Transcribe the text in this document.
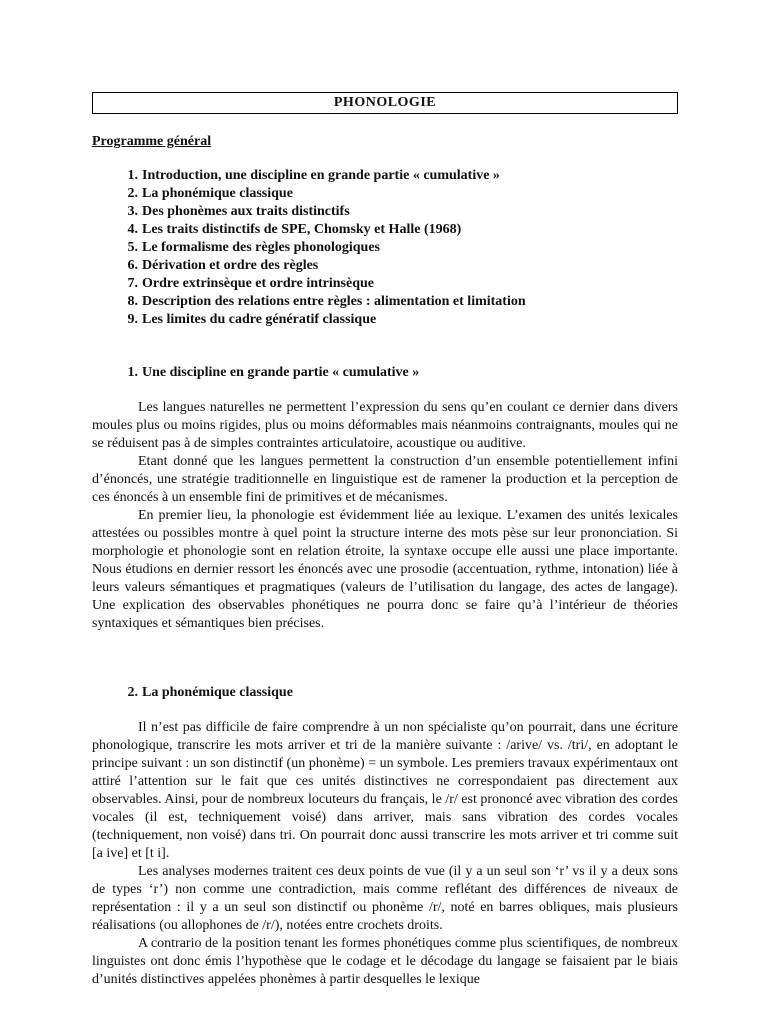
PHONOLOGIE
Programme général
1. Introduction, une discipline en grande partie « cumulative »
2. La phonémique classique
3. Des phonèmes aux traits distinctifs
4. Les traits distinctifs de SPE, Chomsky et Halle (1968)
5. Le formalisme des règles phonologiques
6. Dérivation et ordre des règles
7. Ordre extrinsèque et ordre intrinsèque
8. Description des relations entre règles : alimentation et limitation
9. Les limites du cadre génératif classique
1. Une discipline en grande partie « cumulative »

Les langues naturelles ne permettent l’expression du sens qu’en coulant ce dernier dans divers moules plus ou moins rigides, plus ou moins déformables mais néanmoins contraignants, moules qui ne se réduisent pas à de simples contraintes articulatoire, acoustique ou auditive.

Etant donné que les langues permettent la construction d’un ensemble potentiellement infini d’énoncés, une stratégie traditionnelle en linguistique est de ramener la production et la perception de ces énoncés à un ensemble fini de primitives et de mécanismes.

En premier lieu, la phonologie est évidemment liée au lexique. L’examen des unités lexicales attestées ou possibles montre à quel point la structure interne des mots pèse sur leur prononciation. Si morphologie et phonologie sont en relation étroite, la syntaxe occupe elle aussi une place importante. Nous étudions en dernier ressort les énoncés avec une prosodie (accentuation, rythme, intonation) liée à leurs valeurs sémantiques et pragmatiques (valeurs de l’utilisation du langage, des actes de langage). Une explication des observables phonétiques ne pourra donc se faire qu’à l’intérieur de théories syntaxiques et sémantiques bien précises.

2. La phonémique classique

Il n’est pas difficile de faire comprendre à un non spécialiste qu’on pourrait, dans une écriture phonologique, transcrire les mots arriver et tri de la manière suivante : /arive/ vs. /tri/, en adoptant le principe suivant : un son distinctif (un phonème) = un symbole. Les premiers travaux expérimentaux ont attiré l’attention sur le fait que ces unités distinctives ne correspondaient pas directement aux observables. Ainsi, pour de nombreux locuteurs du français, le /r/ est prononcé avec vibration des cordes vocales (il est, techniquement voisé) dans arriver, mais sans vibration des cordes vocales (techniquement, non voisé) dans tri. On pourrait donc aussi transcrire les mots arriver et tri comme suit [a ive] et [t i].

Les analyses modernes traitent ces deux points de vue (il y a un seul son ‘r’ vs il y a deux sons de types ‘r’) non comme une contradiction, mais comme reflétant des différences de niveaux de représentation : il y a un seul son distinctif ou phonème /r/, noté en barres obliques, mais plusieurs réalisations (ou allophones de /r/), notées entre crochets droits.

A contrario de la position tenant les formes phonétiques comme plus scientifiques, de nombreux linguistes ont donc émis l’hypothèse que le codage et le décodage du langage se faisaient par le biais d’unités distinctives appelées phonèmes à partir desquelles le lexique
